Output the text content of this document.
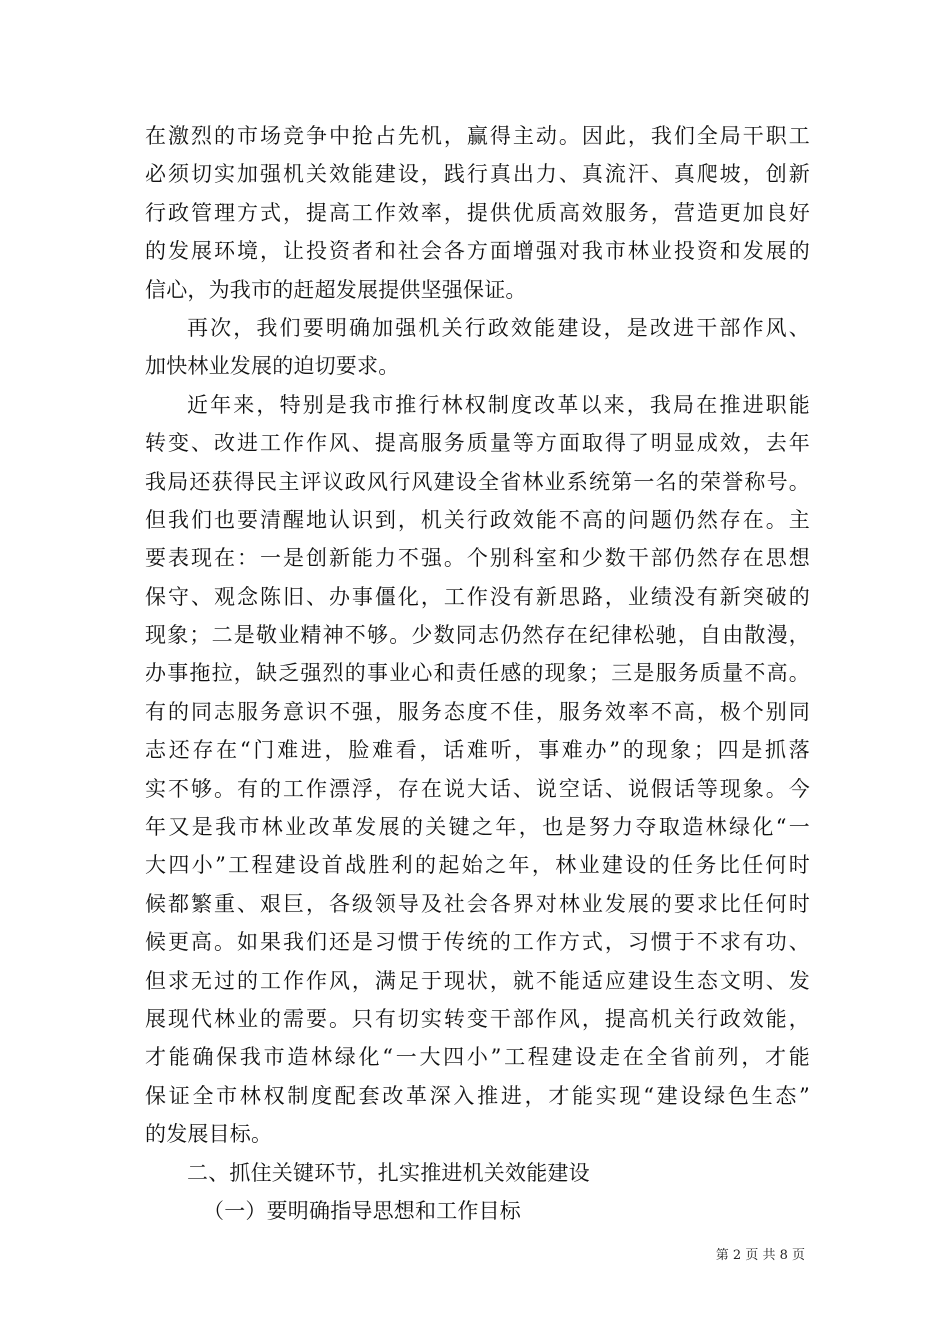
在激烈的市场竞争中抢占先机，赢得主动。因此，我们全局干职工
必须切实加强机关效能建设，践行真出力、真流汗、真爬坡，创新
行政管理方式，提高工作效率，提供优质高效服务，营造更加良好
的发展环境，让投资者和社会各方面增强对我市林业投资和发展的
信心，为我市的赶超发展提供坚强保证。
再次，我们要明确加强机关行政效能建设，是改进干部作风、
加快林业发展的迫切要求。
近年来，特别是我市推行林权制度改革以来，我局在推进职能
转变、改进工作作风、提高服务质量等方面取得了明显成效，去年
我局还获得民主评议政风行风建设全省林业系统第一名的荣誉称号。
但我们也要清醒地认识到，机关行政效能不高的问题仍然存在。主
要表现在：一是创新能力不强。个别科室和少数干部仍然存在思想
保守、观念陈旧、办事僵化，工作没有新思路，业绩没有新突破的
现象；二是敬业精神不够。少数同志仍然存在纪律松驰，自由散漫，
办事拖拉，缺乏强烈的事业心和责任感的现象；三是服务质量不高。
有的同志服务意识不强，服务态度不佳，服务效率不高，极个别同
志还存在“门难进，脸难看，话难听，事难办”的现象；四是抓落
实不够。有的工作漂浮，存在说大话、说空话、说假话等现象。今
年又是我市林业改革发展的关键之年，也是努力夺取造林绿化“一
大四小”工程建设首战胜利的起始之年，林业建设的任务比任何时
候都繁重、艰巨，各级领导及社会各界对林业发展的要求比任何时
候更高。如果我们还是习惯于传统的工作方式，习惯于不求有功、
但求无过的工作作风，满足于现状，就不能适应建设生态文明、发
展现代林业的需要。只有切实转变干部作风，提高机关行政效能，
才能确保我市造林绿化“一大四小”工程建设走在全省前列，才能
保证全市林权制度配套改革深入推进，才能实现“建设绿色生态”
的发展目标。
二、抓住关键环节，扎实推进机关效能建设
（一）要明确指导思想和工作目标
第 2 页 共 8 页
